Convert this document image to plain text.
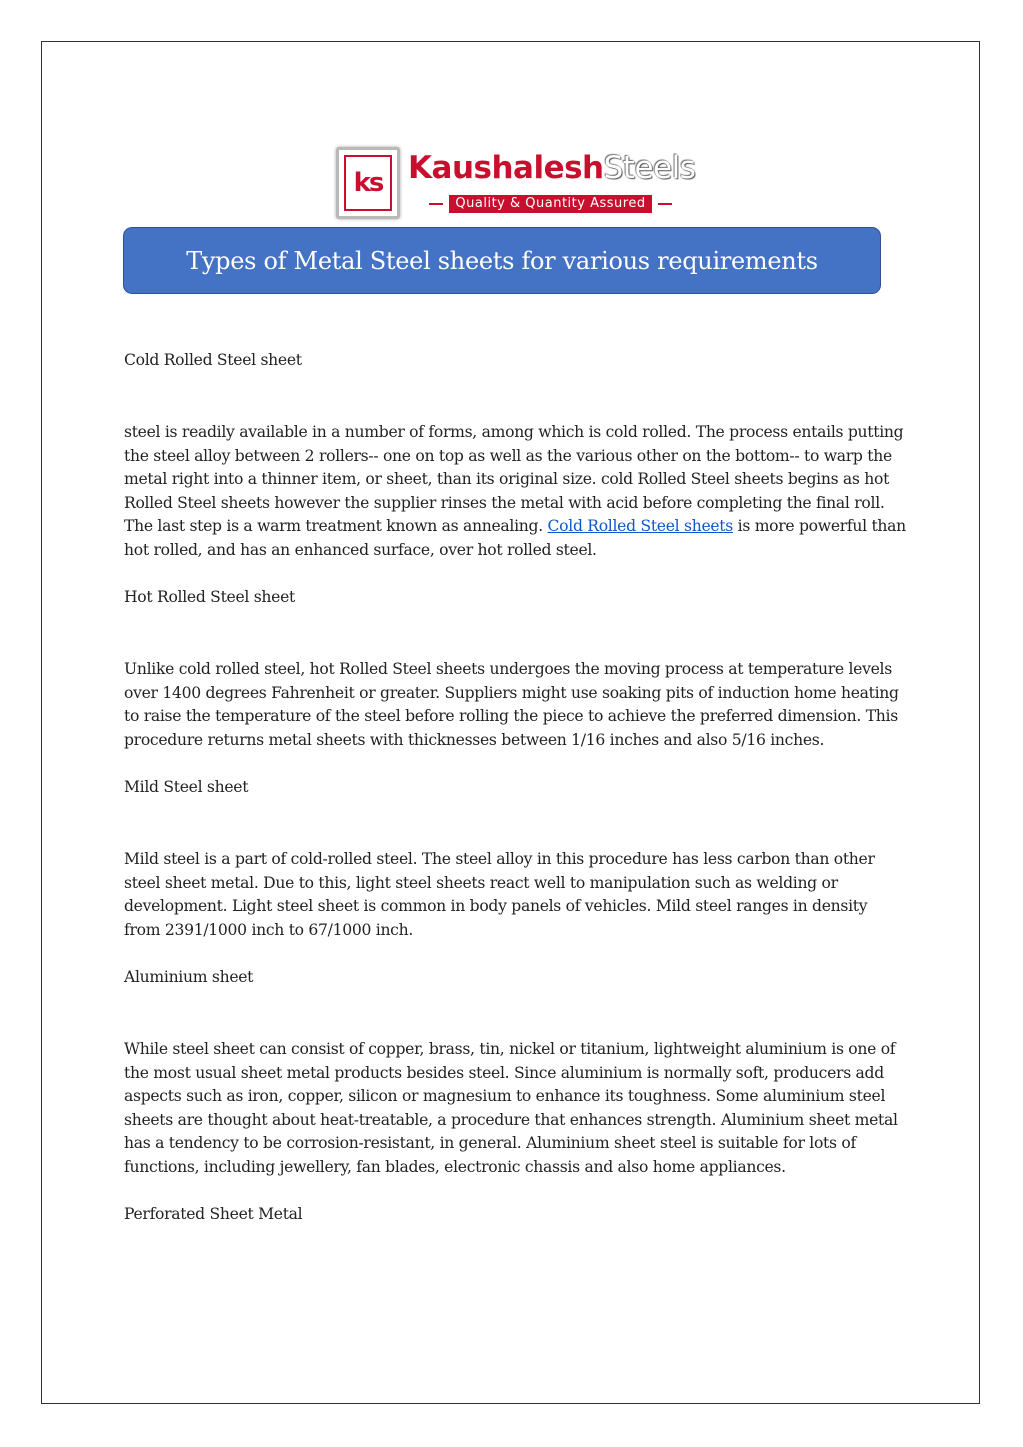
ks KaushaleshSteels
Quality & Quantity Assured
Types of Metal Steel sheets for various requirements

Cold Rolled Steel sheet

steel is readily available in a number of forms, among which is cold rolled. The process entails putting the steel alloy between 2 rollers-- one on top as well as the various other on the bottom-- to warp the metal right into a thinner item, or sheet, than its original size. cold Rolled Steel sheets begins as hot Rolled Steel sheets however the supplier rinses the metal with acid before completing the final roll. The last step is a warm treatment known as annealing. Cold Rolled Steel sheets is more powerful than hot rolled, and has an enhanced surface, over hot rolled steel.

Hot Rolled Steel sheet

Unlike cold rolled steel, hot Rolled Steel sheets undergoes the moving process at temperature levels over 1400 degrees Fahrenheit or greater. Suppliers might use soaking pits of induction home heating to raise the temperature of the steel before rolling the piece to achieve the preferred dimension. This procedure returns metal sheets with thicknesses between 1/16 inches and also 5/16 inches.

Mild Steel sheet

Mild steel is a part of cold-rolled steel. The steel alloy in this procedure has less carbon than other steel sheet metal. Due to this, light steel sheets react well to manipulation such as welding or development. Light steel sheet is common in body panels of vehicles. Mild steel ranges in density from 2391/1000 inch to 67/1000 inch.

Aluminium sheet

While steel sheet can consist of copper, brass, tin, nickel or titanium, lightweight aluminium is one of the most usual sheet metal products besides steel. Since aluminium is normally soft, producers add aspects such as iron, copper, silicon or magnesium to enhance its toughness. Some aluminium steel sheets are thought about heat-treatable, a procedure that enhances strength. Aluminium sheet metal has a tendency to be corrosion-resistant, in general. Aluminium sheet steel is suitable for lots of functions, including jewellery, fan blades, electronic chassis and also home appliances.

Perforated Sheet Metal
